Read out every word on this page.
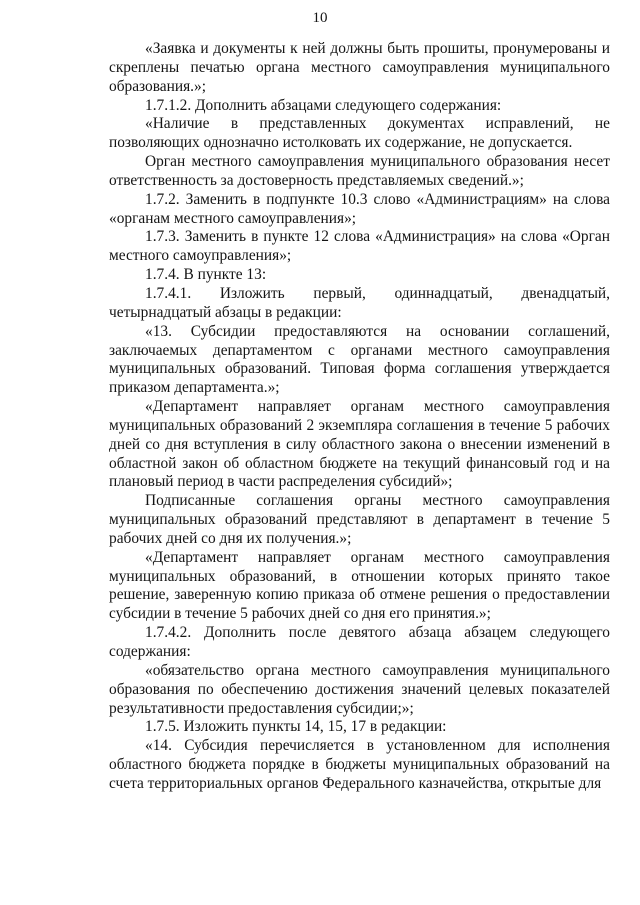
10

«Заявка и документы к ней должны быть прошиты, пронумерованы и скреплены печатью органа местного самоуправления муниципального образования.»;

1.7.1.2. Дополнить абзацами следующего содержания:

«Наличие в представленных документах исправлений, не позволяющих однозначно истолковать их содержание, не допускается.

Орган местного самоуправления муниципального образования несет ответственность за достоверность представляемых сведений.»;

1.7.2. Заменить в подпункте 10.3 слово «Администрациям» на слова «органам местного самоуправления»;

1.7.3. Заменить в пункте 12 слова «Администрация» на слова «Орган местного самоуправления»;

1.7.4. В пункте 13:

1.7.4.1. Изложить первый, одиннадцатый, двенадцатый, четырнадцатый абзацы в редакции:

«13. Субсидии предоставляются на основании соглашений, заключаемых департаментом с органами местного самоуправления муниципальных образований. Типовая форма соглашения утверждается приказом департамента.»;

«Департамент направляет органам местного самоуправления муниципальных образований 2 экземпляра соглашения в течение 5 рабочих дней со дня вступления в силу областного закона о внесении изменений в областной закон об областном бюджете на текущий финансовый год и на плановый период в части распределения субсидий»;

Подписанные соглашения органы местного самоуправления муниципальных образований представляют в департамент в течение 5 рабочих дней со дня их получения.»;

«Департамент направляет органам местного самоуправления муниципальных образований, в отношении которых принято такое решение, заверенную копию приказа об отмене решения о предоставлении субсидии в течение 5 рабочих дней со дня его принятия.»;

1.7.4.2. Дополнить после девятого абзаца абзацем следующего содержания:

«обязательство органа местного самоуправления муниципального образования по обеспечению достижения значений целевых показателей результативности предоставления субсидии;»;

1.7.5. Изложить пункты 14, 15, 17 в редакции:

«14. Субсидия перечисляется в установленном для исполнения областного бюджета порядке в бюджеты муниципальных образований на счета территориальных органов Федерального казначейства, открытые для
